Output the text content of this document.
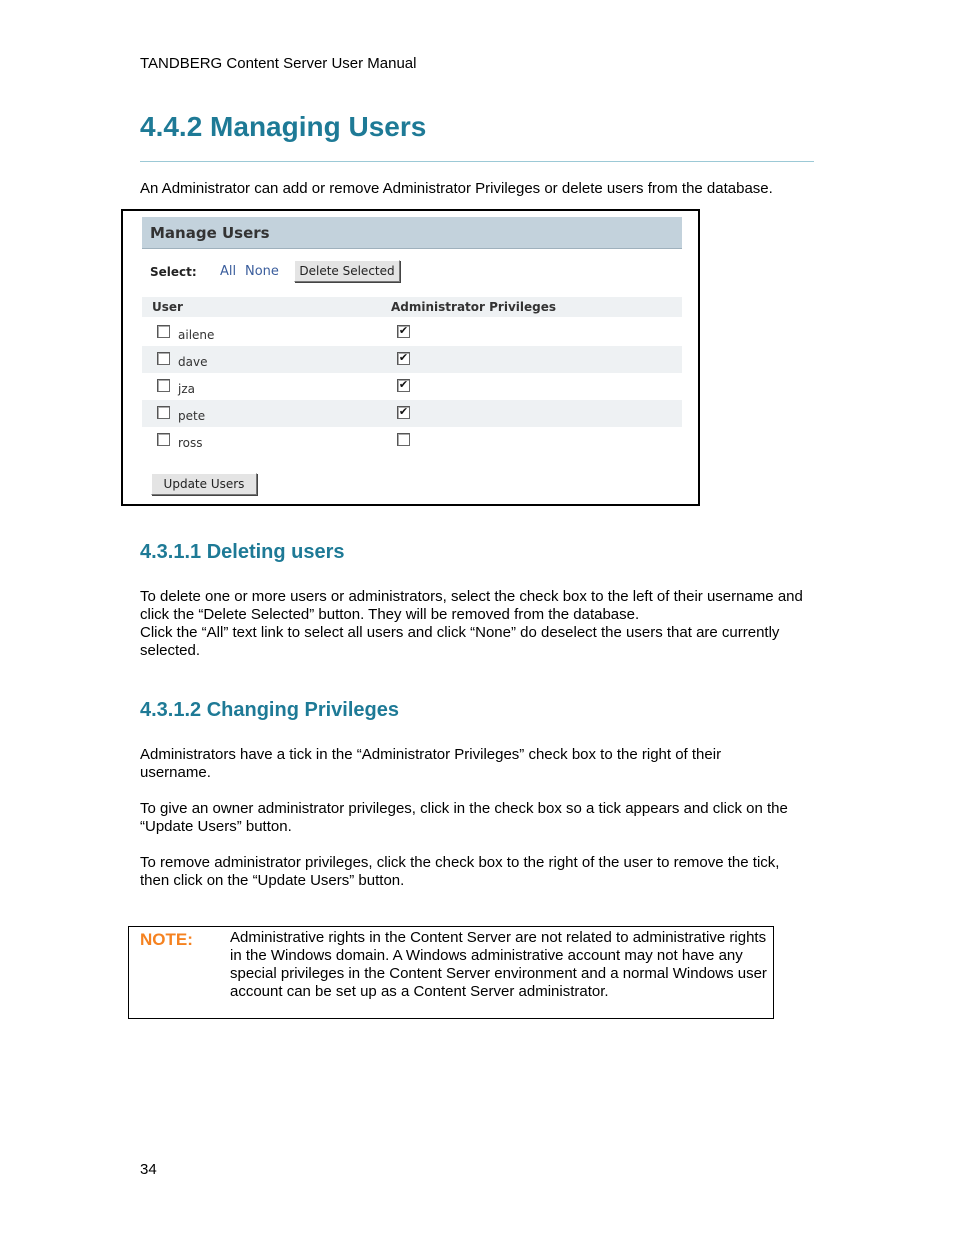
TANDBERG Content Server User Manual
4.4.2 Managing Users

An Administrator can add or remove Administrator Privileges or delete users from the database.

Manage Users
Select: All None	Delete Selected
User	Administrator Privileges
ailene	✔
dave	✔
jza	✔
pete	✔
ross
Update Users
4.3.1.1 Deleting users

To delete one or more users or administrators, select the check box to the left of their username and click the “Delete Selected” button. They will be removed from the database.

Click the “All” text link to select all users and click “None” do deselect the users that are currently selected.

4.3.1.2 Changing Privileges

Administrators have a tick in the “Administrator Privileges” check box to the right of their username.

To give an owner administrator privileges, click in the check box so a tick appears and click on the “Update Users” button.

To remove administrator privileges, click the check box to the right of the user to remove the tick, then click on the “Update Users” button.

NOTE: Administrative rights in the Content Server are not related to administrative rights in the Windows domain. A Windows administrative account may not have any special privileges in the Content Server environment and a normal Windows user account can be set up as a Content Server administrator.
34
